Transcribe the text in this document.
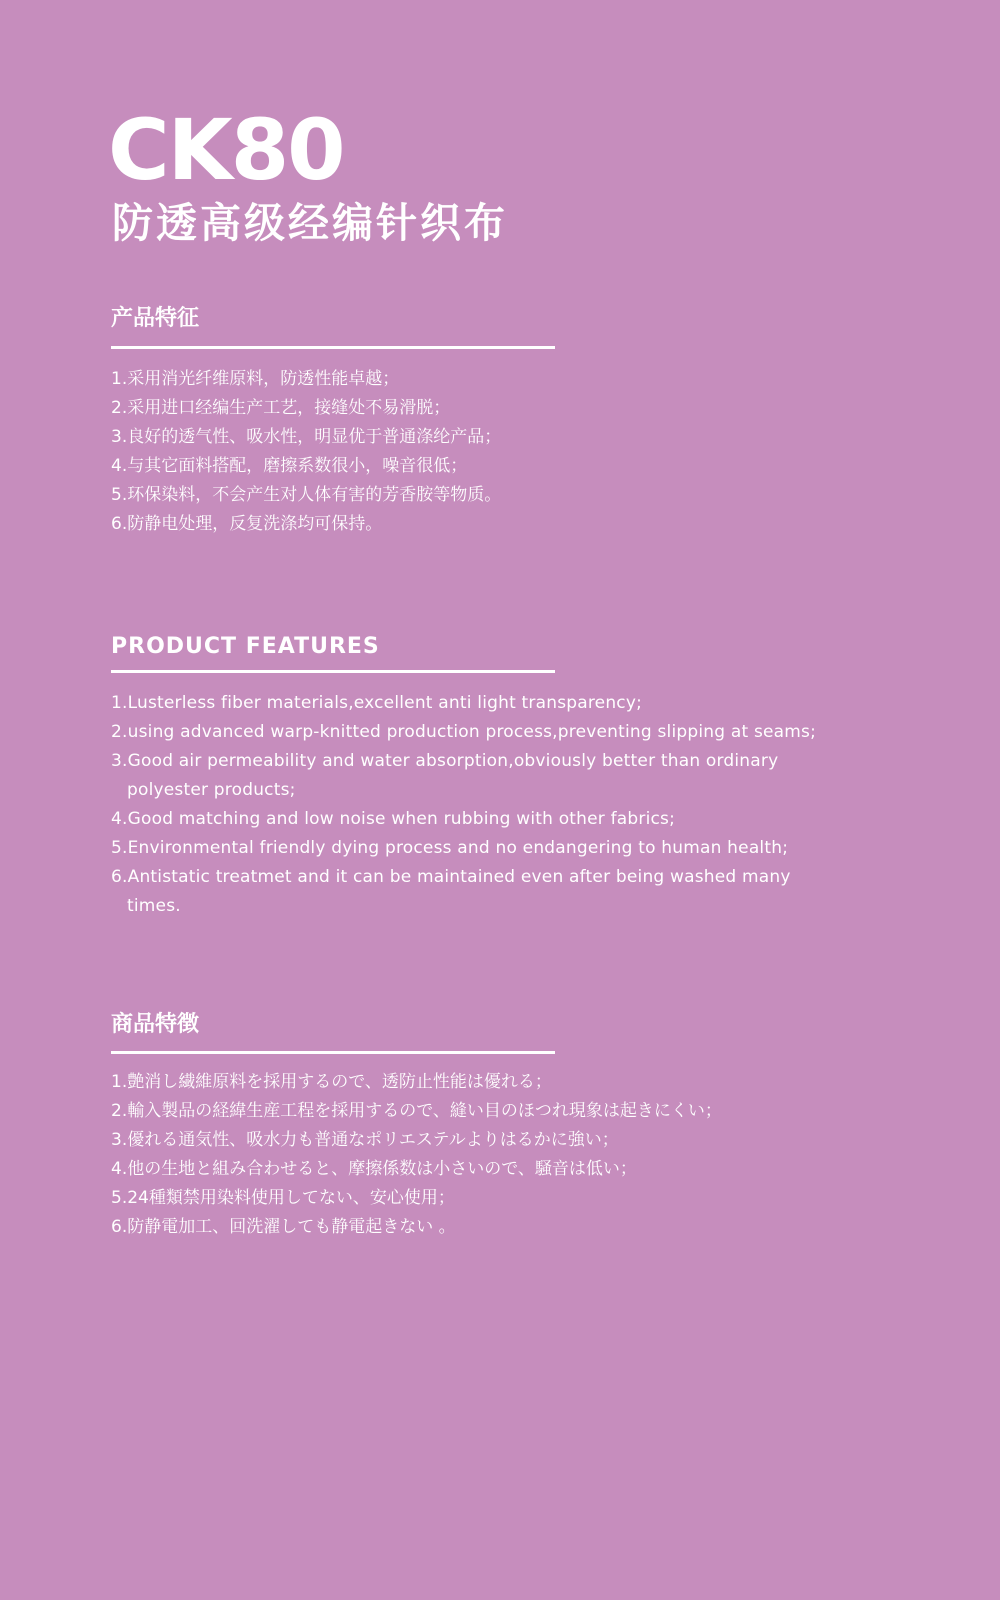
CK80
防透高级经编针织布
产品特征
1.采用消光纤维原料，防透性能卓越；
2.采用进口经编生产工艺，接缝处不易滑脱；
3.良好的透气性、吸水性，明显优于普通涤纶产品；
4.与其它面料搭配，磨擦系数很小，噪音很低；
5.环保染料，不会产生对人体有害的芳香胺等物质。
6.防静电处理，反复洗涤均可保持。
PRODUCT FEATURES
1.Lusterless fiber materials,excellent anti light transparency;
2.using advanced warp-knitted production process,preventing slipping at seams;
3.Good air permeability and water absorption,obviously better than ordinary polyester products;
4.Good matching and low noise when rubbing with other fabrics;
5.Environmental friendly dying process and no endangering to human health;
6.Antistatic treatmet and it can be maintained even after being washed many times.
商品特徴
1.艶消し繊維原料を採用するので、透防止性能は優れる；
2.輸入製品の経緯生産工程を採用するので、縫い目のほつれ現象は起きにくい；
3.優れる通気性、吸水力も普通なポリエステルよりはるかに強い；
4.他の生地と組み合わせると、摩擦係数は小さいので、騒音は低い；
5.24種類禁用染料使用してない、安心使用；
6.防静電加工、回洗濯しても静電起きない 。
